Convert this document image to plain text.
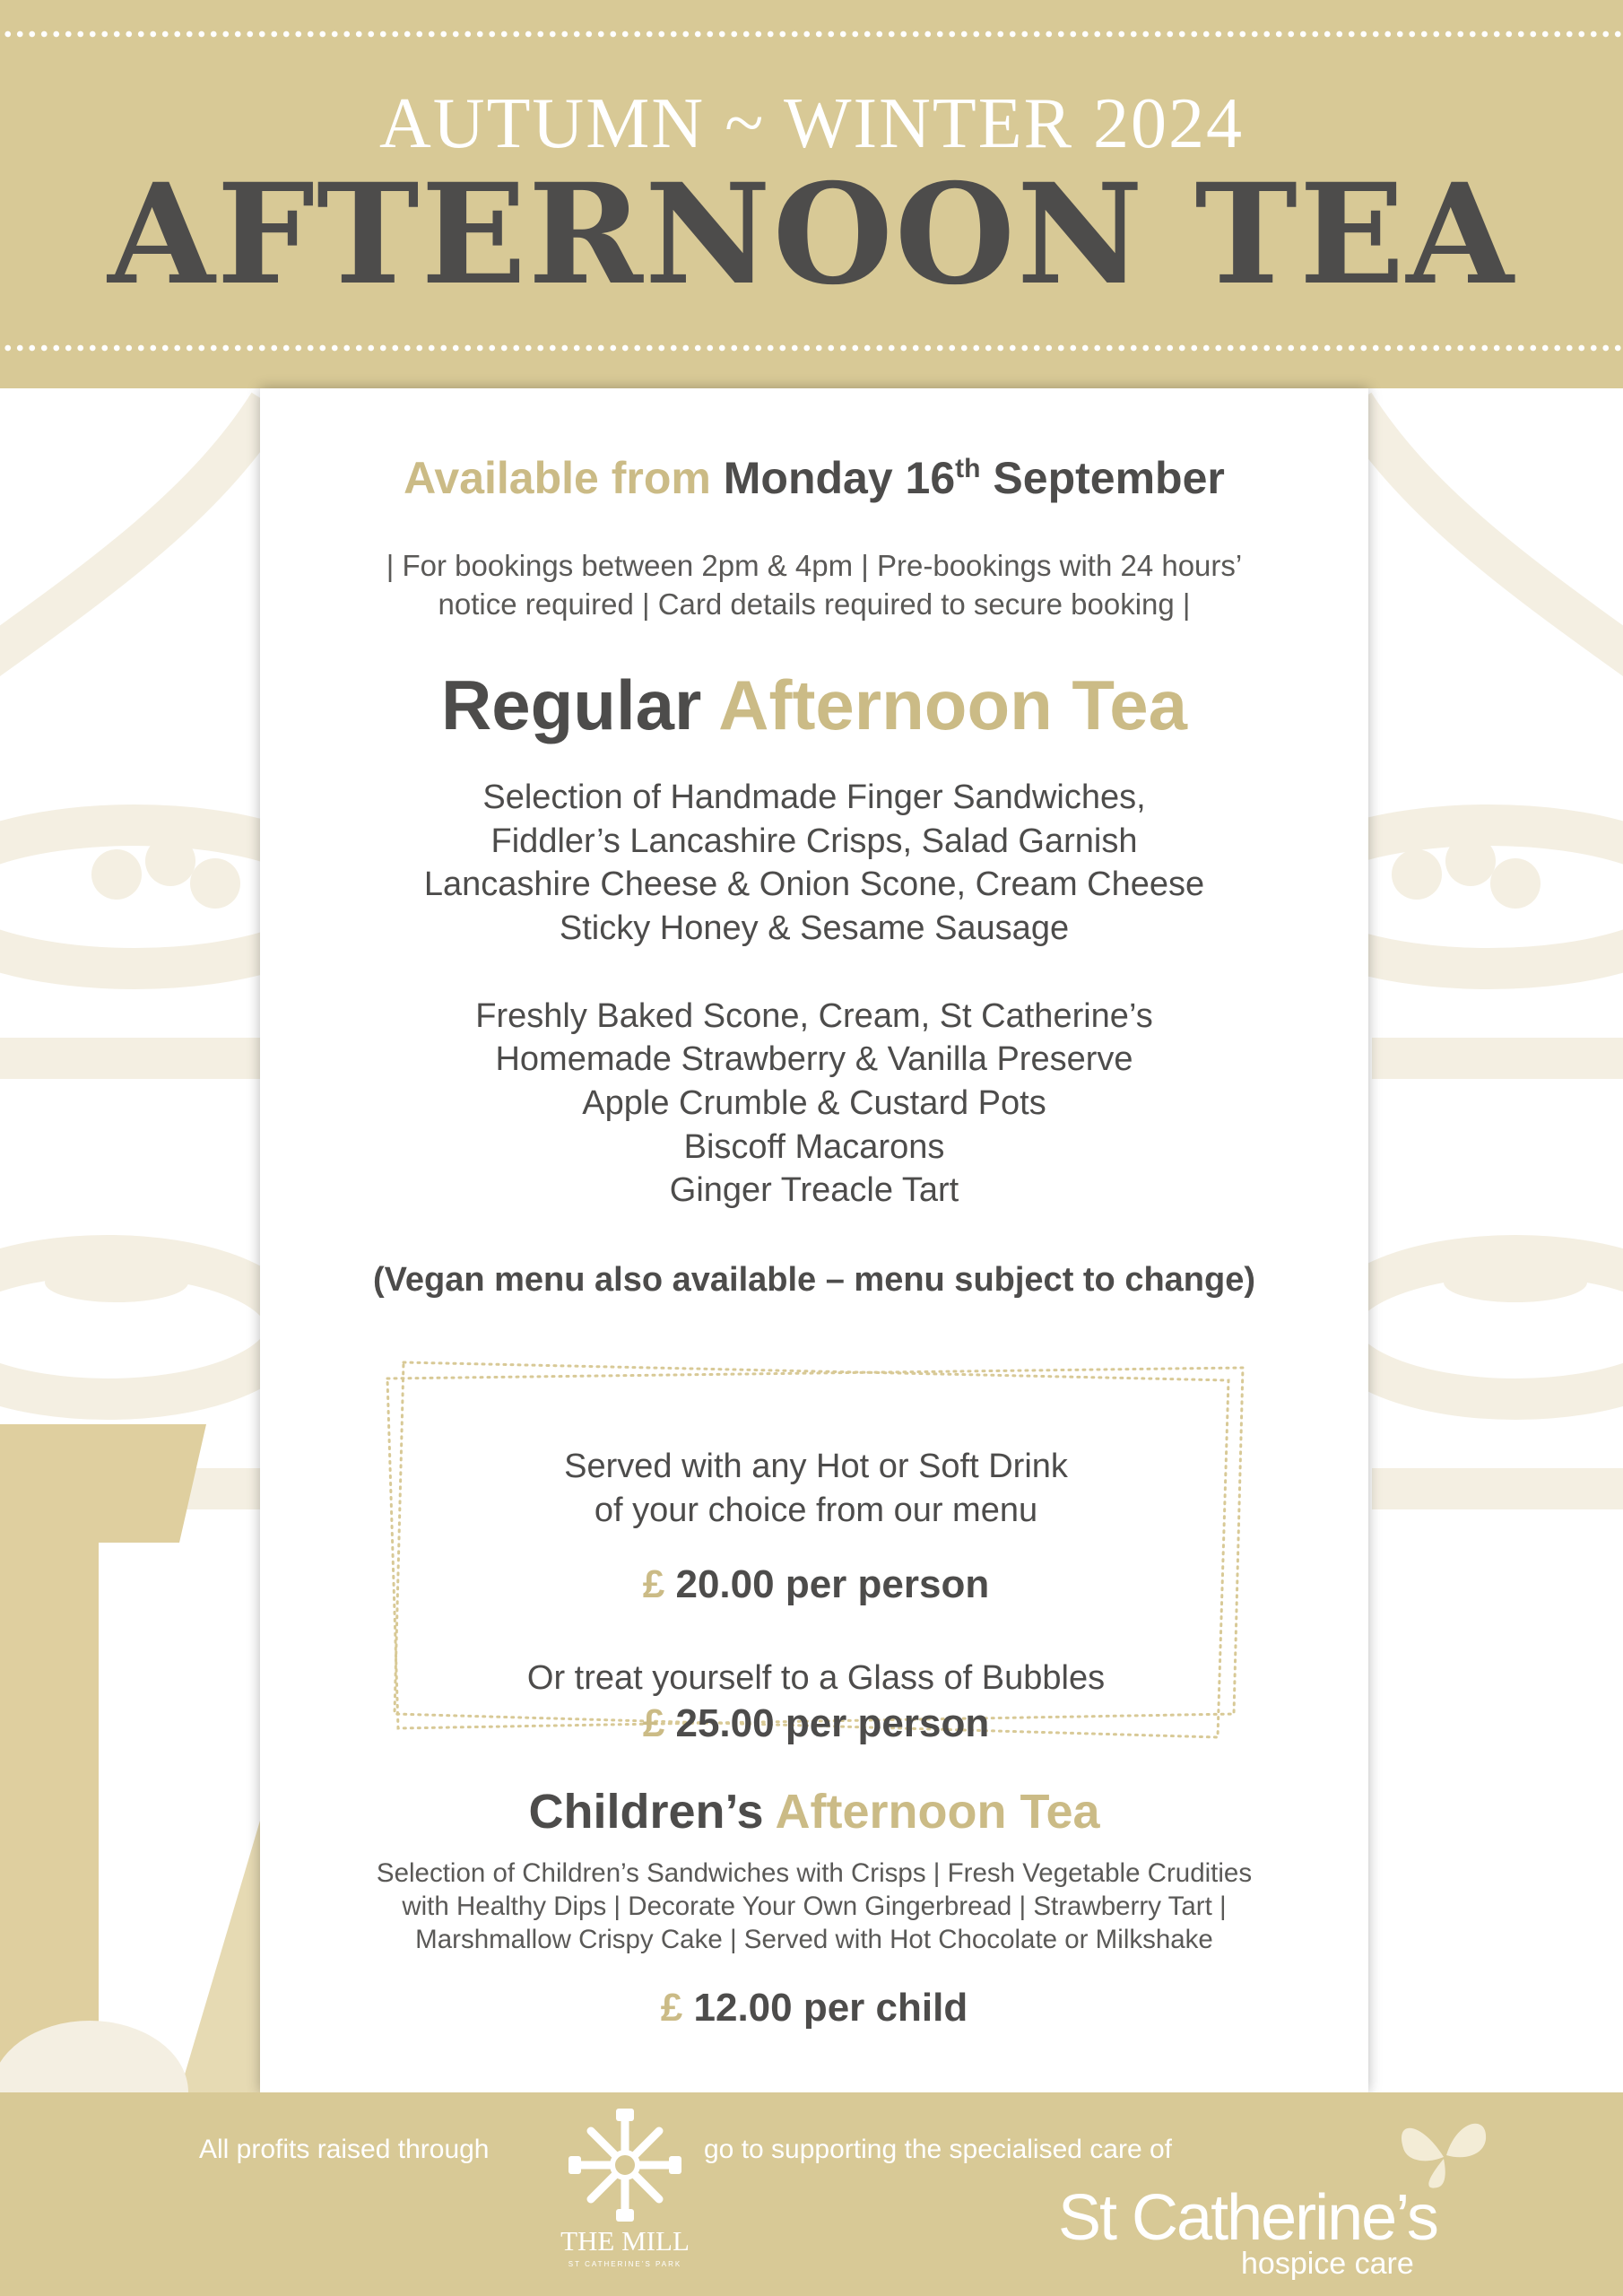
AUTUMN ~ WINTER 2024
AFTERNOON TEA
Available from Monday 16th September
| For bookings between 2pm & 4pm | Pre-bookings with 24 hours’
notice required | Card details required to secure booking |
Regular Afternoon Tea
Selection of Handmade Finger Sandwiches,
Fiddler’s Lancashire Crisps, Salad Garnish
Lancashire Cheese & Onion Scone, Cream Cheese
Sticky Honey & Sesame Sausage
Freshly Baked Scone, Cream, St Catherine’s
Homemade Strawberry & Vanilla Preserve
Apple Crumble & Custard Pots
Biscoff Macarons
Ginger Treacle Tart
(Vegan menu also available – menu subject to change)
Served with any Hot or Soft Drink
of your choice from our menu
£ 20.00 per person
Or treat yourself to a Glass of Bubbles
£ 25.00 per person
Children’s Afternoon Tea
Selection of Children’s Sandwiches with Crisps | Fresh Vegetable Crudities
with Healthy Dips | Decorate Your Own Gingerbread | Strawberry Tart |
Marshmallow Crispy Cake | Served with Hot Chocolate or Milkshake
£ 12.00 per child
All profits raised through
THE MILL
ST CATHERINE’S PARK
go to supporting the specialised care of
St Catherine’s
hospice care
